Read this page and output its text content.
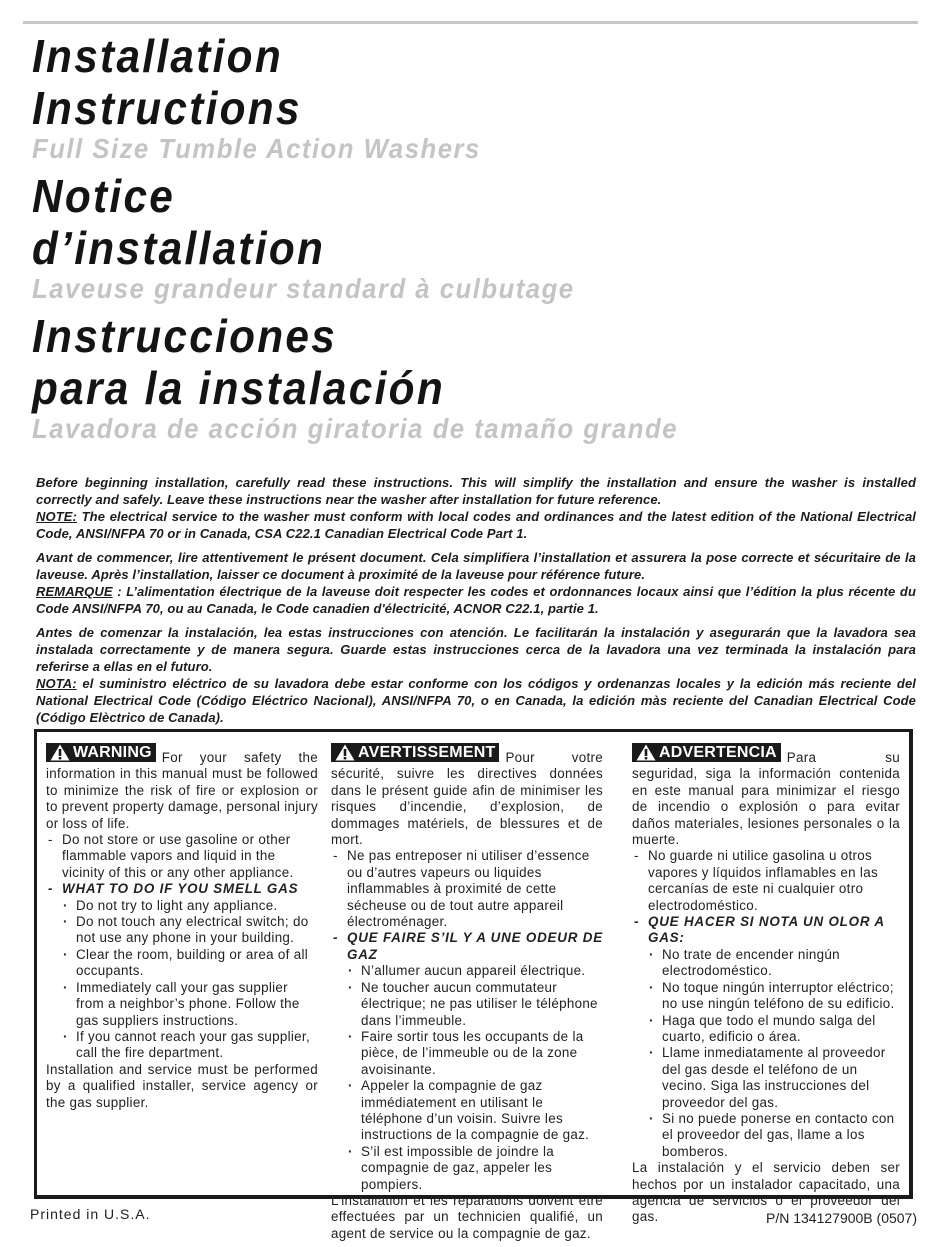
Installation
Instructions
Full Size Tumble Action Washers
Notice
d’installation
Laveuse grandeur standard à culbutage
Instrucciones
para la instalación
Lavadora de acción giratoria de tamaño grande

Before beginning installation, carefully read these instructions. This will simplify the installation and ensure the washer is installed correctly and safely. Leave these instructions near the washer after installation for future reference.
NOTE: The electrical service to the washer must conform with local codes and ordinances and the latest edition of the National Electrical Code, ANSI/NFPA 70 or in Canada, CSA C22.1 Canadian Electrical Code Part 1.

Avant de commencer, lire attentivement le présent document. Cela simplifiera l’installation et assurera la pose correcte et sécuritaire de la laveuse. Après l’installation, laisser ce document à proximité de la laveuse pour référence future.
REMARQUE : L’alimentation électrique de la laveuse doit respecter les codes et ordonnances locaux ainsi que l’édition la plus récente du Code ANSI/NFPA 70, ou au Canada, le Code canadien d'électricité, ACNOR C22.1, partie 1.

Antes de comenzar la instalación, lea estas instrucciones con atención. Le facilitarán la instalación y asegurarán que la lavadora sea instalada correctamente y de manera segura. Guarde estas instrucciones cerca de la lavadora una vez terminada la instalación para referirse a ellas en el futuro.
NOTA: el suministro eléctrico de su lavadora debe estar conforme con los códigos y ordenanzas locales y la edición más reciente del National Electrical Code (Código Eléctrico Nacional), ANSI/NFPA 70, o en Canada, la edición màs reciente del Canadian Electrical Code (Código Elèctrico de Canada).

WARNING For your safety the information in this manual must be followed to minimize the risk of fire or explosion or to prevent property damage, personal injury or loss of life.

- Do not store or use gasoline or other flammable vapors and liquid in the vicinity of this or any other appliance.
- WHAT TO DO IF YOU SMELL GAS
· Do not try to light any appliance.
· Do not touch any electrical switch; do not use any phone in your building.
· Clear the room, building or area of all occupants.
· Immediately call your gas supplier from a neighbor’s phone. Follow the gas suppliers instructions.
· If you cannot reach your gas supplier, call the fire department.

Installation and service must be performed by a qualified installer, service agency or the gas supplier.

AVERTISSEMENT Pour votre sécurité, suivre les directives données dans le présent guide afin de minimiser les risques d’incendie, d’explosion, de dommages matériels, de blessures et de mort.

- Ne pas entreposer ni utiliser d’essence ou d’autres vapeurs ou liquides inflammables à proximité de cette sécheuse ou de tout autre appareil électroménager.
- QUE FAIRE S’IL Y A UNE ODEUR DE GAZ
· N’allumer aucun appareil électrique.
· Ne toucher aucun commutateur électrique; ne pas utiliser le téléphone dans l’immeuble.
· Faire sortir tous les occupants de la pièce, de l’immeuble ou de la zone avoisinante.
· Appeler la compagnie de gaz immédiatement en utilisant le téléphone d’un voisin. Suivre les instructions de la compagnie de gaz.
· S’il est impossible de joindre la compagnie de gaz, appeler les pompiers.

L’installation et les réparations doivent être effectuées par un technicien qualifié, un agent de service ou la compagnie de gaz.

ADVERTENCIA Para su seguridad, siga la información contenida en este manual para minimizar el riesgo de incendio o explosión o para evitar daños materiales, lesiones personales o la muerte.

- No guarde ni utilice gasolina u otros vapores y líquidos inflamables en las cercanías de este ni cualquier otro electrodoméstico.
- QUE HACER SI NOTA UN OLOR A GAS:
· No trate de encender ningún electrodoméstico.
· No toque ningún interruptor eléctrico; no use ningún teléfono de su edificio.
· Haga que todo el mundo salga del cuarto, edificio o área.
· Llame inmediatamente al proveedor del gas desde el teléfono de un vecino. Siga las instrucciones del proveedor del gas.
· Si no puede ponerse en contacto con el proveedor del gas, llame a los bomberos.

La instalación y el servicio deben ser hechos por un instalador capacitado, una agencia de servicios o el proveedor del gas.

Printed in U.S.A.	P/N 134127900B (0507)
